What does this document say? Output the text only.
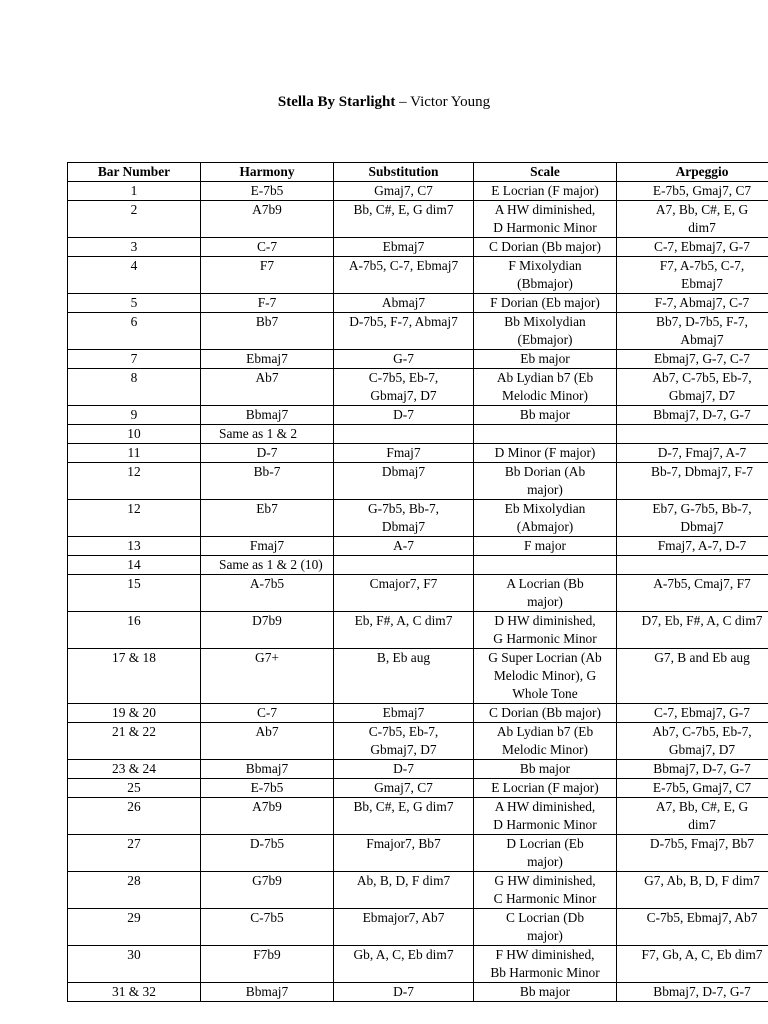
Stella By Starlight – Victor Young
Bar Number	Harmony	Substitution	Scale	Arpeggio
1	E-7b5	Gmaj7, C7	E Locrian (F major)	E-7b5, Gmaj7, C7
2	A7b9	Bb, C#, E, G dim7	A HW diminished,
D Harmonic Minor	A7, Bb, C#, E, G
dim7
3	C-7	Ebmaj7	C Dorian (Bb major)	C-7, Ebmaj7, G-7
4	F7	A-7b5, C-7, Ebmaj7	F Mixolydian
(Bbmajor)	F7, A-7b5, C-7,
Ebmaj7
5	F-7	Abmaj7	F Dorian (Eb major)	F-7, Abmaj7, C-7
6	Bb7	D-7b5, F-7, Abmaj7	Bb Mixolydian
(Ebmajor)	Bb7, D-7b5, F-7,
Abmaj7
7	Ebmaj7	G-7	Eb major	Ebmaj7, G-7, C-7
8	Ab7	C-7b5, Eb-7,
Gbmaj7, D7	Ab Lydian b7 (Eb
Melodic Minor)	Ab7, C-7b5, Eb-7,
Gbmaj7, D7
9	Bbmaj7	D-7	Bb major	Bbmaj7, D-7, G-7
10	Same as 1 & 2			
11	D-7	Fmaj7	D Minor (F major)	D-7, Fmaj7, A-7
12	Bb-7	Dbmaj7	Bb Dorian (Ab
major)	Bb-7, Dbmaj7, F-7
12	Eb7	G-7b5, Bb-7,
Dbmaj7	Eb Mixolydian
(Abmajor)	Eb7, G-7b5, Bb-7,
Dbmaj7
13	Fmaj7	A-7	F major	Fmaj7, A-7, D-7
14	Same as 1 & 2 (10)			
15	A-7b5	Cmajor7, F7	A Locrian (Bb
major)	A-7b5, Cmaj7, F7
16	D7b9	Eb, F#, A, C dim7	D HW diminished,
G Harmonic Minor	D7, Eb, F#, A, C dim7
17 & 18	G7+	B, Eb aug	G Super Locrian (Ab
Melodic Minor), G
Whole Tone	G7, B and Eb aug
19 & 20	C-7	Ebmaj7	C Dorian (Bb major)	C-7, Ebmaj7, G-7
21 & 22	Ab7	C-7b5, Eb-7,
Gbmaj7, D7	Ab Lydian b7 (Eb
Melodic Minor)	Ab7, C-7b5, Eb-7,
Gbmaj7, D7
23 & 24	Bbmaj7	D-7	Bb major	Bbmaj7, D-7, G-7
25	E-7b5	Gmaj7, C7	E Locrian (F major)	E-7b5, Gmaj7, C7
26	A7b9	Bb, C#, E, G dim7	A HW diminished,
D Harmonic Minor	A7, Bb, C#, E, G
dim7
27	D-7b5	Fmajor7, Bb7	D Locrian (Eb
major)	D-7b5, Fmaj7, Bb7
28	G7b9	Ab, B, D, F dim7	G HW diminished,
C Harmonic Minor	G7, Ab, B, D, F dim7
29	C-7b5	Ebmajor7, Ab7	C Locrian (Db
major)	C-7b5, Ebmaj7, Ab7
30	F7b9	Gb, A, C, Eb dim7	F HW diminished,
Bb Harmonic Minor	F7, Gb, A, C, Eb dim7
31 & 32	Bbmaj7	D-7	Bb major	Bbmaj7, D-7, G-7
